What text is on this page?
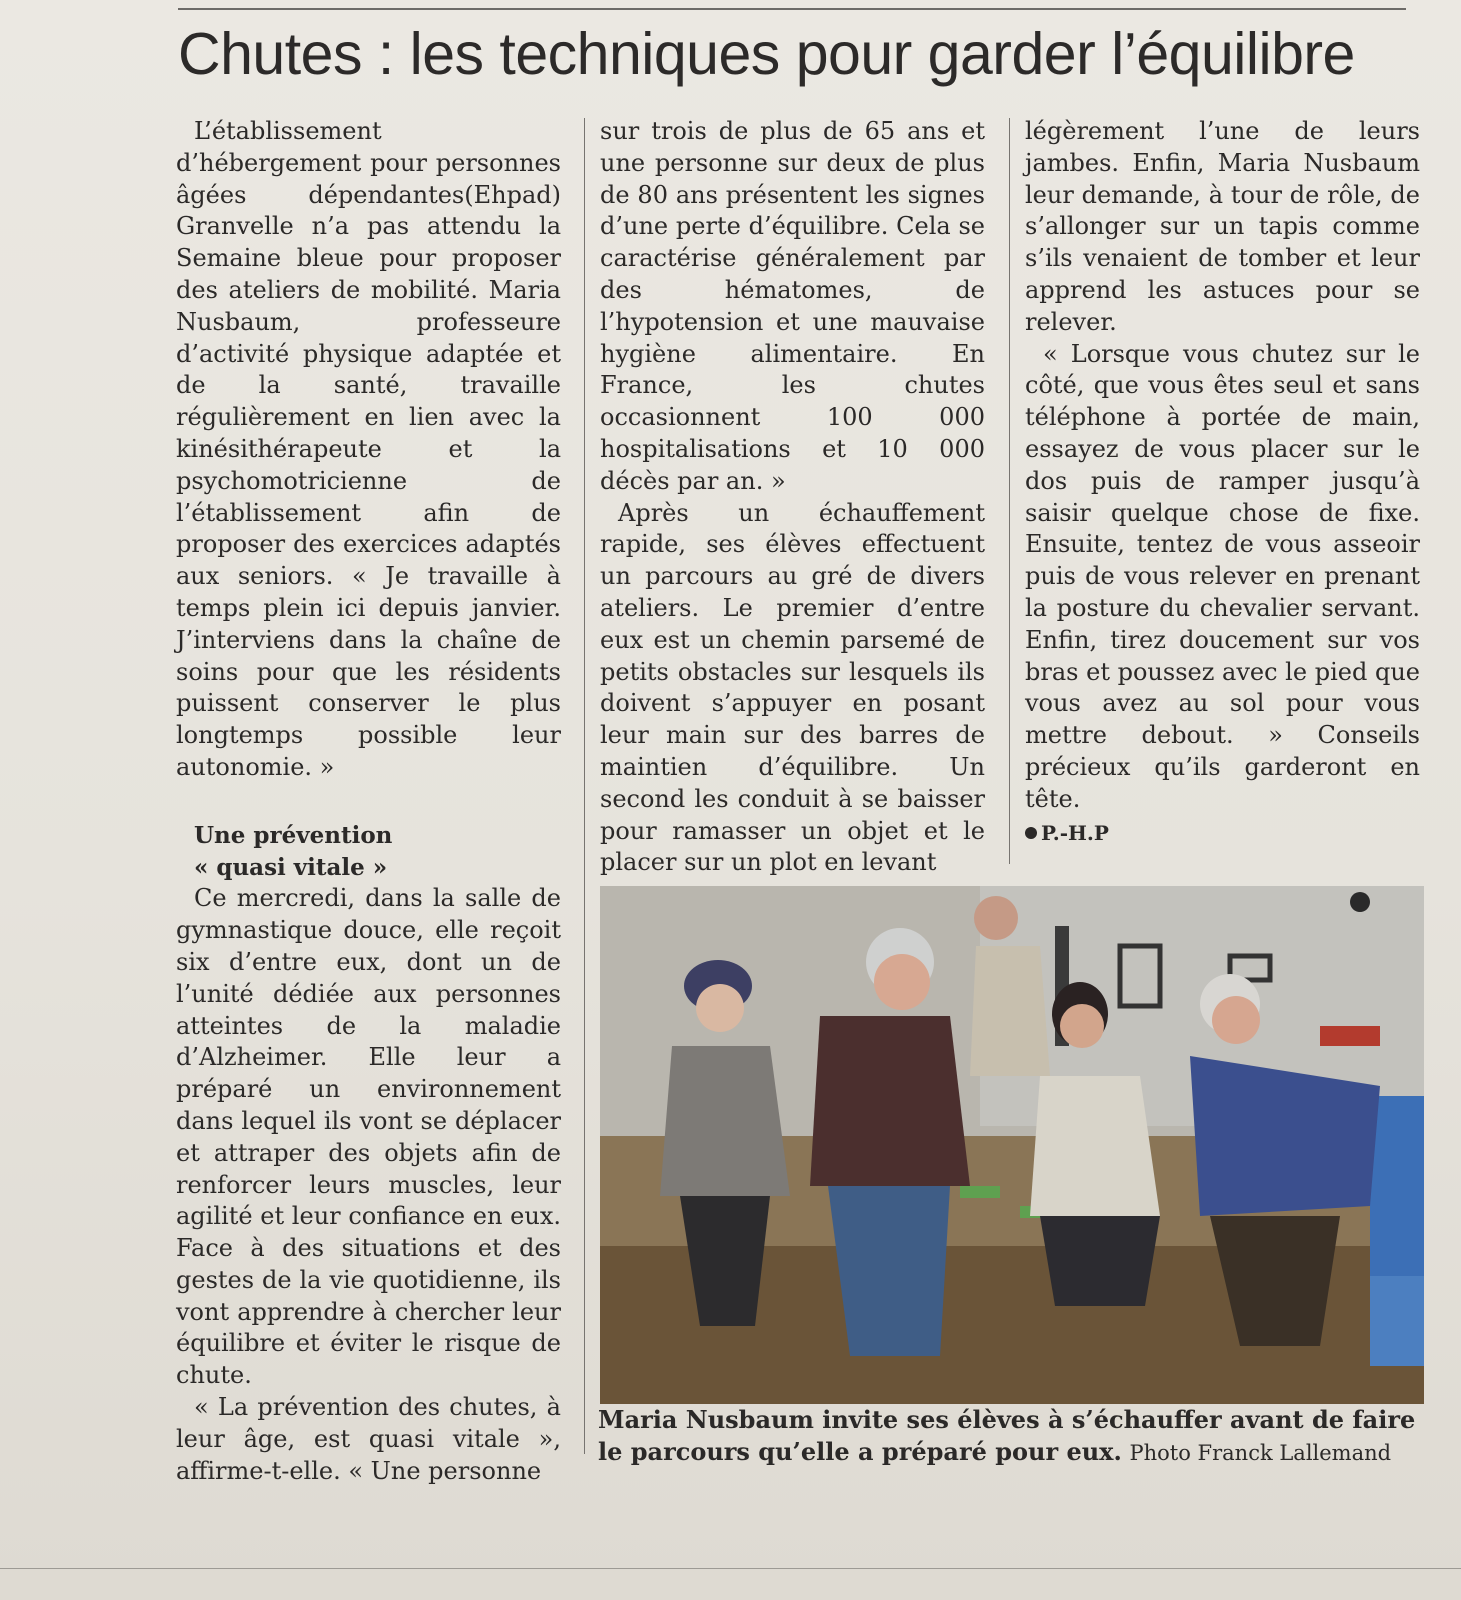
Chutes : les techniques pour garder l’équilibre

L’établissement d’hébergement pour personnes âgées dépendantes(Ehpad) Granvelle n’a pas attendu la Semaine bleue pour proposer des ateliers de mobilité. Maria Nusbaum, professeure d’activité physique adaptée et de la santé, travaille régulièrement en lien avec la kinésithérapeute et la psychomotricienne de l’établissement afin de proposer des exercices adaptés aux seniors. « Je travaille à temps plein ici depuis janvier. J’interviens dans la chaîne de soins pour que les résidents puissent conserver le plus longtemps possible leur autonomie. »

Une prévention
« quasi vitale »

Ce mercredi, dans la salle de gymnastique douce, elle reçoit six d’entre eux, dont un de l’unité dédiée aux personnes atteintes de la maladie d’Alzheimer. Elle leur a préparé un environnement dans lequel ils vont se déplacer et attraper des objets afin de renforcer leurs muscles, leur agilité et leur confiance en eux. Face à des situations et des gestes de la vie quotidienne, ils vont apprendre à chercher leur équilibre et éviter le risque de chute.

« La prévention des chutes, à leur âge, est quasi vitale », affirme-t-elle. « Une personne

sur trois de plus de 65 ans et une personne sur deux de plus de 80 ans présentent les signes d’une perte d’équilibre. Cela se caractérise généralement par des hématomes, de l’hypotension et une mauvaise hygiène alimentaire. En France, les chutes occasionnent 100 000 hospitalisations et 10 000 décès par an. »

Après un échauffement rapide, ses élèves effectuent un parcours au gré de divers ateliers. Le premier d’entre eux est un chemin parsemé de petits obstacles sur lesquels ils doivent s’appuyer en posant leur main sur des barres de maintien d’équilibre. Un second les conduit à se baisser pour ramasser un objet et le placer sur un plot en levant

légèrement l’une de leurs jambes. Enfin, Maria Nusbaum leur demande, à tour de rôle, de s’allonger sur un tapis comme s’ils venaient de tomber et leur apprend les astuces pour se relever.

« Lorsque vous chutez sur le côté, que vous êtes seul et sans téléphone à portée de main, essayez de vous placer sur le dos puis de ramper jusqu’à saisir quelque chose de fixe. Ensuite, tentez de vous asseoir puis de vous relever en prenant la posture du chevalier servant. Enfin, tirez doucement sur vos bras et poussez avec le pied que vous avez au sol pour vous mettre debout. » Conseils précieux qu’ils garderont en tête.

P.-H.P
Maria Nusbaum invite ses élèves à s’échauffer avant de faire le parcours qu’elle a préparé pour eux. Photo Franck Lallemand
